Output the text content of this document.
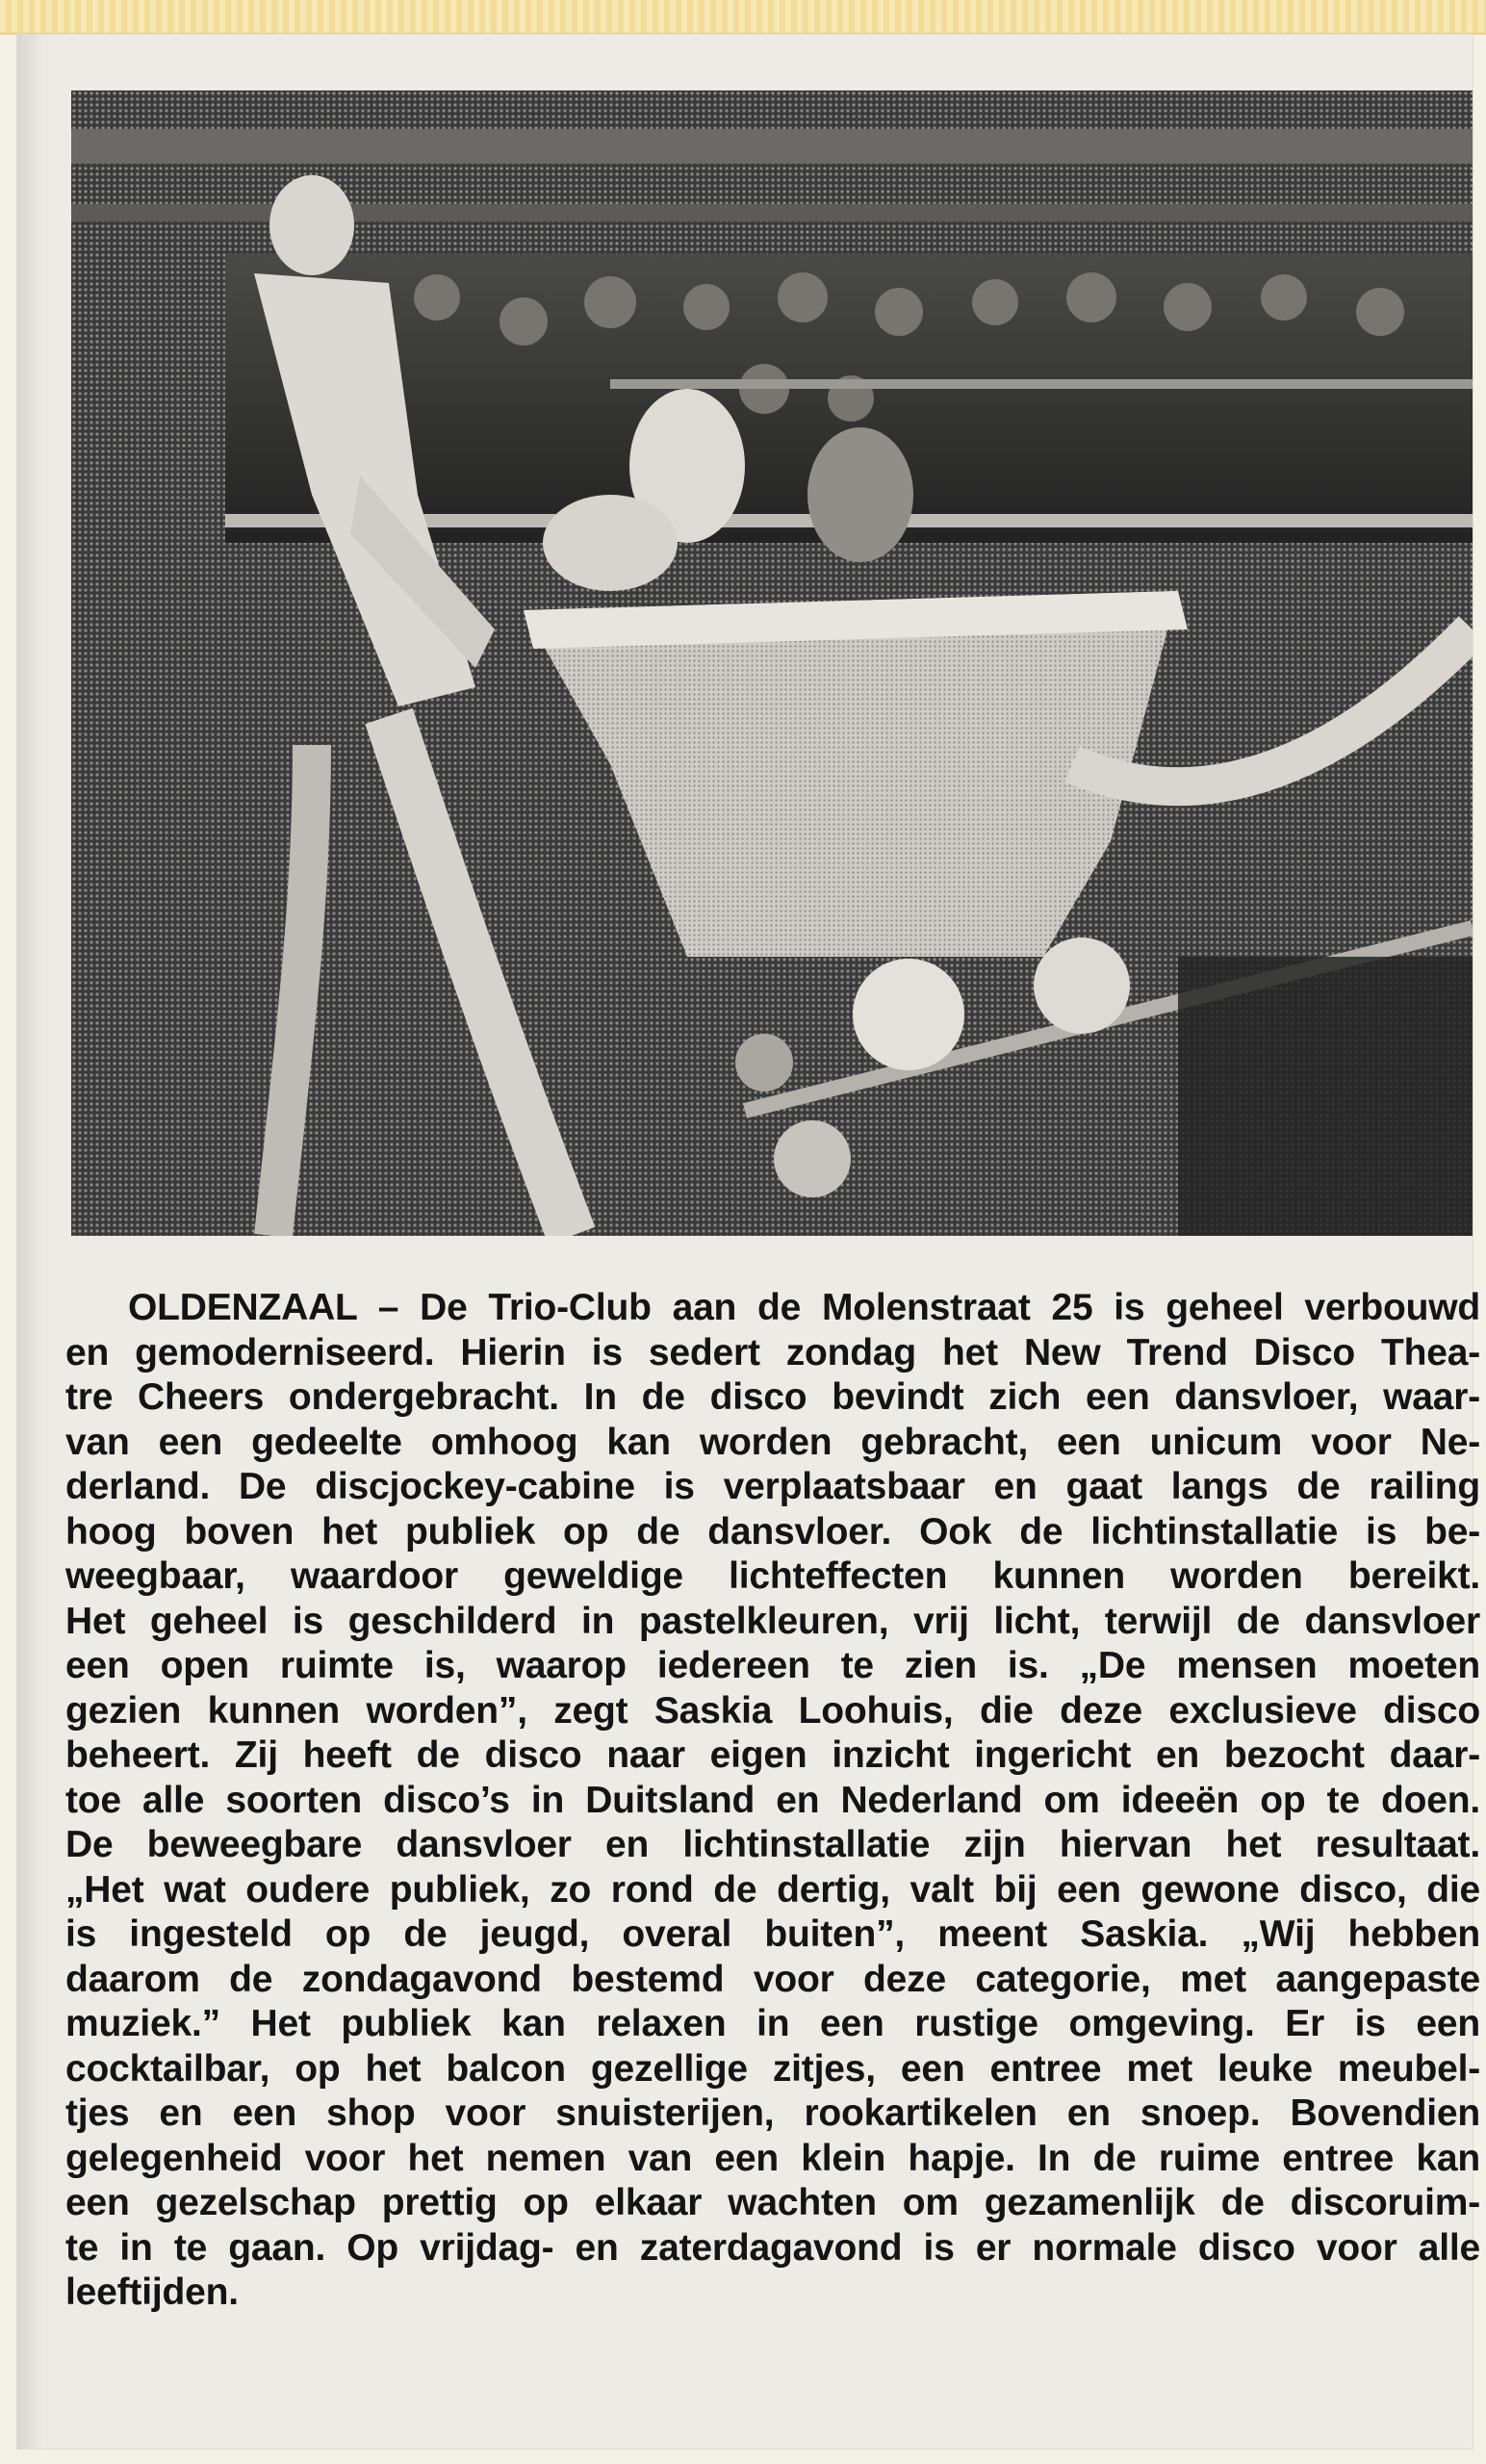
OLDENZAAL – De Trio-Club aan de Molenstraat 25 is geheel verbouwd
en gemoderniseerd. Hierin is sedert zondag het New Trend Disco Thea-
tre Cheers ondergebracht. In de disco bevindt zich een dansvloer, waar-
van een gedeelte omhoog kan worden gebracht, een unicum voor Ne-
derland. De discjockey-cabine is verplaatsbaar en gaat langs de railing
hoog boven het publiek op de dansvloer. Ook de lichtinstallatie is be-
weegbaar, waardoor geweldige lichteffecten kunnen worden bereikt.
Het geheel is geschilderd in pastelkleuren, vrij licht, terwijl de dansvloer
een open ruimte is, waarop iedereen te zien is. „De mensen moeten
gezien kunnen worden”, zegt Saskia Loohuis, die deze exclusieve disco
beheert. Zij heeft de disco naar eigen inzicht ingericht en bezocht daar-
toe alle soorten disco’s in Duitsland en Nederland om ideeën op te doen.
De beweegbare dansvloer en lichtinstallatie zijn hiervan het resultaat.
„Het wat oudere publiek, zo rond de dertig, valt bij een gewone disco, die
is ingesteld op de jeugd, overal buiten”, meent Saskia. „Wij hebben
daarom de zondagavond bestemd voor deze categorie, met aangepaste
muziek.” Het publiek kan relaxen in een rustige omgeving. Er is een
cocktailbar, op het balcon gezellige zitjes, een entree met leuke meubel-
tjes en een shop voor snuisterijen, rookartikelen en snoep. Bovendien
gelegenheid voor het nemen van een klein hapje. In de ruime entree kan
een gezelschap prettig op elkaar wachten om gezamenlijk de discoruim-
te in te gaan. Op vrijdag- en zaterdagavond is er normale disco voor alle
leeftijden.
